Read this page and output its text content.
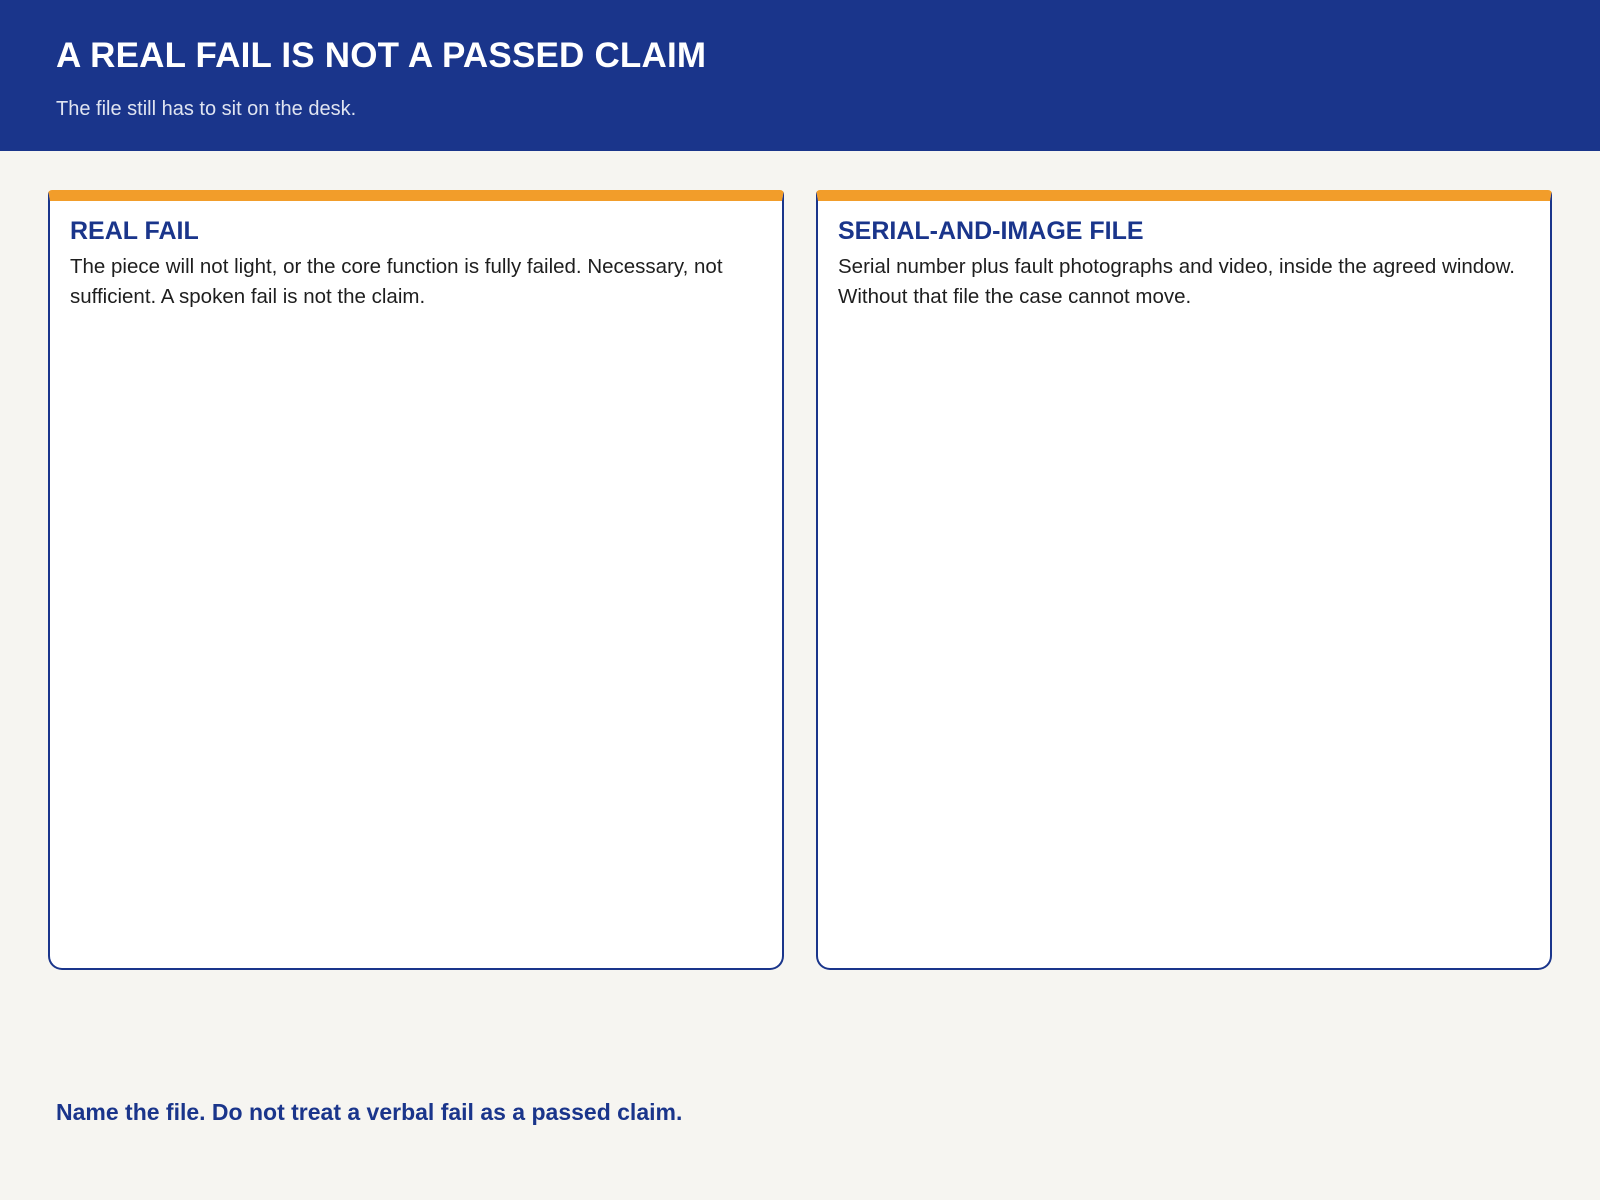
A REAL FAIL IS NOT A PASSED CLAIM

The file still has to sit on the desk.

REAL FAIL

The piece will not light, or the core function is fully failed. Necessary, not sufficient. A spoken fail is not the claim.

SERIAL-AND-IMAGE FILE

Serial number plus fault photographs and video, inside the agreed window. Without that file the case cannot move.

Name the file. Do not treat a verbal fail as a passed claim.
